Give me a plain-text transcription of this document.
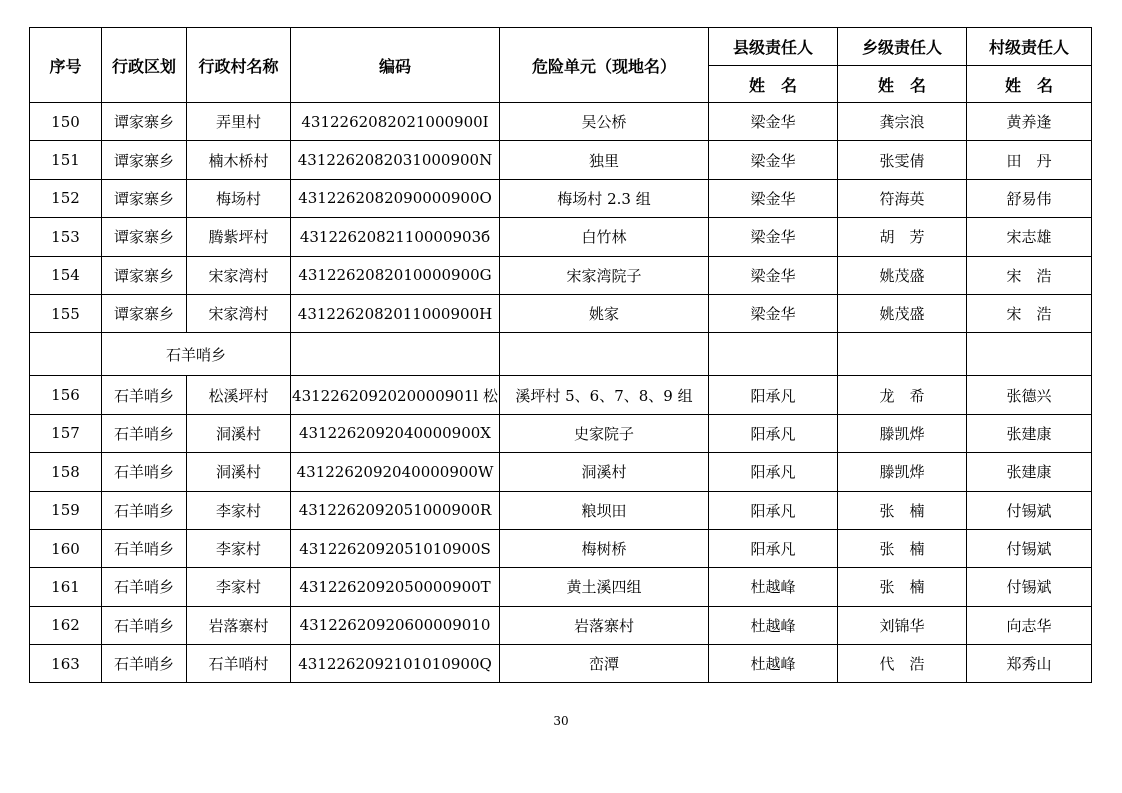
序号	行政区划	行政村名称	编码	危险单元（现地名）	县级责任人	乡级责任人	村级责任人
					姓　名	姓　名	姓　名
150	谭家寨乡	弄里村	4312262082021000900I	吴公桥	梁金华	龚宗浪	黄养逢
151	谭家寨乡	楠木桥村	4312262082031000900N	独里	梁金华	张雯倩	田　丹
152	谭家寨乡	梅场村	4312262082090000900O	梅场村 2.3 组	梁金华	符海英	舒易伟
153	谭家寨乡	腾紫坪村	4312262082110000903б	白竹林	梁金华	胡　芳	宋志雄
154	谭家寨乡	宋家湾村	4312262082010000900G	宋家湾院子	梁金华	姚茂盛	宋　浩
155	谭家寨乡	宋家湾村	4312262082011000900H	姚家	梁金华	姚茂盛	宋　浩
	石羊哨乡						
156	石羊哨乡	松溪坪村	4312262092020000901l 松	溪坪村 5、6、7、8、9 组	阳承凡	龙　希	张德兴
157	石羊哨乡	洞溪村	4312262092040000900X	史家院子	阳承凡	滕凯烨	张建康
158	石羊哨乡	洞溪村	4312262092040000900W	洞溪村	阳承凡	滕凯烨	张建康
159	石羊哨乡	李家村	4312262092051000900R	粮坝田	阳承凡	张　楠	付锡斌
160	石羊哨乡	李家村	4312262092051010900S	梅树桥	阳承凡	张　楠	付锡斌
161	石羊哨乡	李家村	4312262092050000900T	黄土溪四组	杜越峰	张　楠	付锡斌
162	石羊哨乡	岩落寨村	43122620920600009010	岩落寨村	杜越峰	刘锦华	向志华
163	石羊哨乡	石羊哨村	4312262092101010900Q	峦潭	杜越峰	代　浩	郑秀山
30
